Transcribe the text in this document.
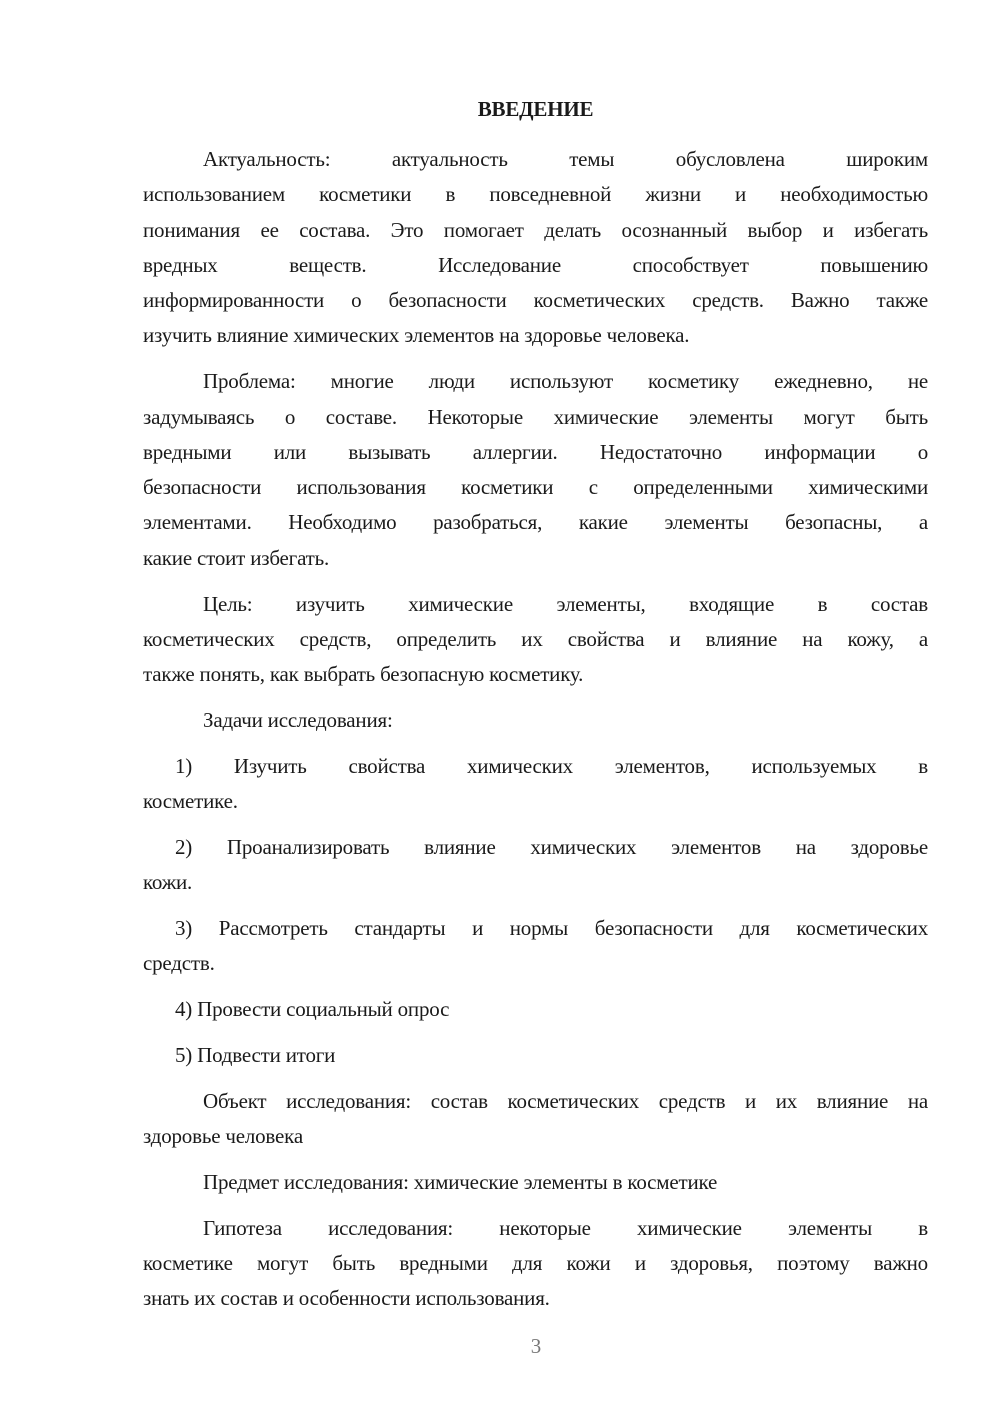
ВВЕДЕНИЕ
Актуальность: актуальность темы обусловлена широким
использованием косметики в повседневной жизни и необходимостью
понимания ее состава. Это помогает делать осознанный выбор и избегать
вредных веществ. Исследование способствует повышению
информированности о безопасности косметических средств. Важно также
изучить влияние химических элементов на здоровье человека.
Проблема: многие люди используют косметику ежедневно, не
задумываясь о составе. Некоторые химические элементы могут быть
вредными или вызывать аллергии. Недостаточно информации о
безопасности использования косметики с определенными химическими
элементами. Необходимо разобраться, какие элементы безопасны, а
какие стоит избегать.
Цель: изучить химические элементы, входящие в состав
косметических средств, определить их свойства и влияние на кожу, а
также понять, как выбрать безопасную косметику.
Задачи исследования:
1) Изучить свойства химических элементов, используемых в
косметике.
2) Проанализировать влияние химических элементов на здоровье
кожи.
3) Рассмотреть стандарты и нормы безопасности для косметических
средств.
4) Провести социальный опрос
5) Подвести итоги
Объект исследования: состав косметических средств и их влияние на
здоровье человека
Предмет исследования: химические элементы в косметике
Гипотеза исследования: некоторые химические элементы в
косметике могут быть вредными для кожи и здоровья, поэтому важно
знать их состав и особенности использования.
3
